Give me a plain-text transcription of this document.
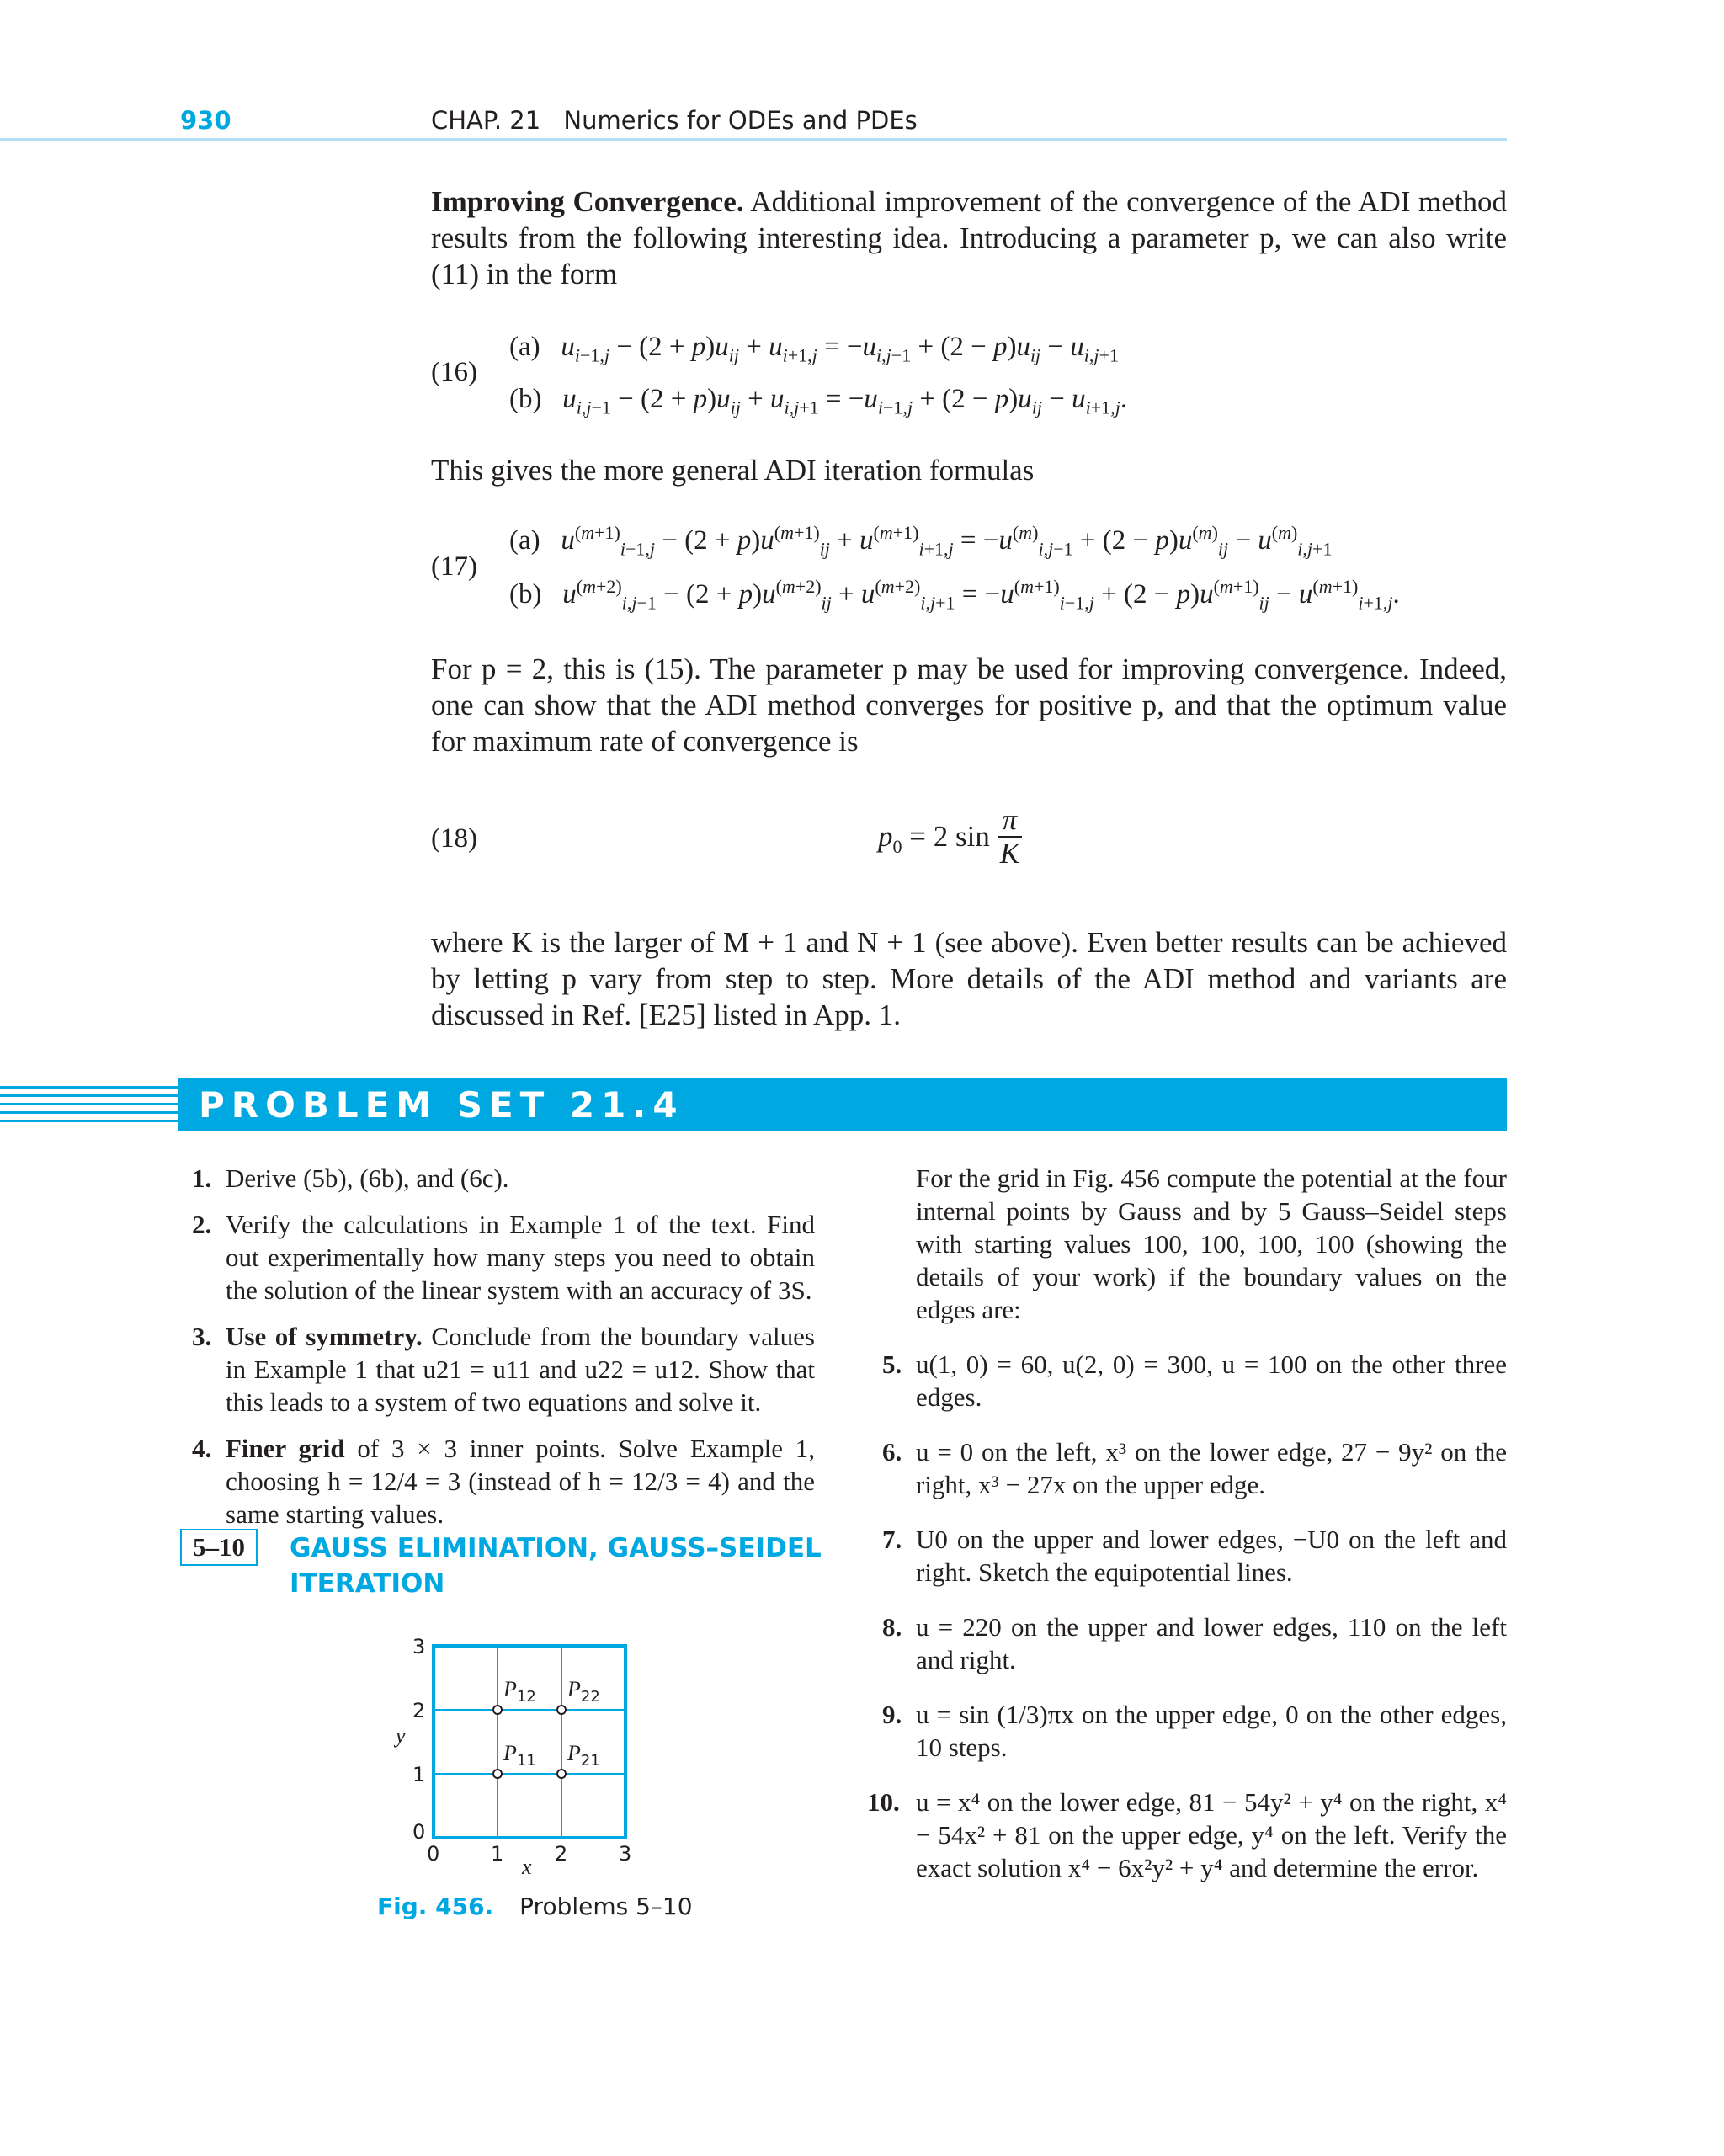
930	CHAP. 21 Numerics for ODEs and PDEs
Improving Convergence. Additional improvement of the convergence of the ADI method results from the following interesting idea. Introducing a parameter p, we can also write (11) in the form
(16)
(a) $u_{i-1,j} - (2 + p)u_{ij} + u_{i+1,j} = -u_{i,j-1} + (2 - p)u_{ij} - u_{i,j+1}$
(b) $u_{i,j-1} - (2 + p)u_{ij} + u_{i,j+1} = -u_{i-1,j} + (2 - p)u_{ij} - u_{i+1,j}$.
This gives the more general ADI iteration formulas
(17)
(a) $u^{(m+1)}_{i-1,j} - (2 + p)u^{(m+1)}_{ij} + u^{(m+1)}_{i+1,j} = -u^{(m)}_{i,j-1} + (2 - p)u^{(m)}_{ij} - u^{(m)}_{i,j+1}$
(b) $u^{(m+2)}_{i,j-1} - (2 + p)u^{(m+2)}_{ij} + u^{(m+2)}_{i,j+1} = -u^{(m+1)}_{i-1,j} + (2 - p)u^{(m+1)}_{ij} - u^{(m+1)}_{i+1,j}$.
For p = 2, this is (15). The parameter p may be used for improving convergence. Indeed, one can show that the ADI method converges for positive p, and that the optimum value for maximum rate of convergence is
(18)	$p_0 = 2$ sin
π
K
where K is the larger of M + 1 and N + 1 (see above). Even better results can be achieved by letting p vary from step to step. More details of the ADI method and variants are discussed in Ref. [E25] listed in App. 1.
PROBLEM SET 21.4
1. Derive (5b), (6b), and (6c).
2. Verify the calculations in Example 1 of the text. Find out experimentally how many steps you need to obtain the solution of the linear system with an accuracy of 3S.
3. Use of symmetry. Conclude from the boundary values in Example 1 that u21 = u11 and u22 = u12. Show that this leads to a system of two equations and solve it.
4. Finer grid of 3 × 3 inner points. Solve Example 1, choosing h = 12/4 = 3 (instead of h = 12/3 = 4) and the same starting values.
5–10	GAUSS ELIMINATION, GAUSS–SEIDEL
ITERATION
3
2
1
0
0	1	2	3
y
x
$P_{12}$ $P_{22}$
$P_{11}$ $P_{21}$
Fig. 456. Problems 5–10
For the grid in Fig. 456 compute the potential at the four internal points by Gauss and by 5 Gauss–Seidel steps with starting values 100, 100, 100, 100 (showing the details of your work) if the boundary values on the edges are:
5. u(1, 0) = 60, u(2, 0) = 300, u = 100 on the other three edges.
6. u = 0 on the left, x³ on the lower edge, 27 − 9y² on the right, x³ − 27x on the upper edge.
7. U0 on the upper and lower edges, −U0 on the left and right. Sketch the equipotential lines.
8. u = 220 on the upper and lower edges, 110 on the left and right.
9. u = sin (1/3)πx on the upper edge, 0 on the other edges, 10 steps.
10. u = x⁴ on the lower edge, 81 − 54y² + y⁴ on the right, x⁴ − 54x² + 81 on the upper edge, y⁴ on the left. Verify the exact solution x⁴ − 6x²y² + y⁴ and determine the error.
